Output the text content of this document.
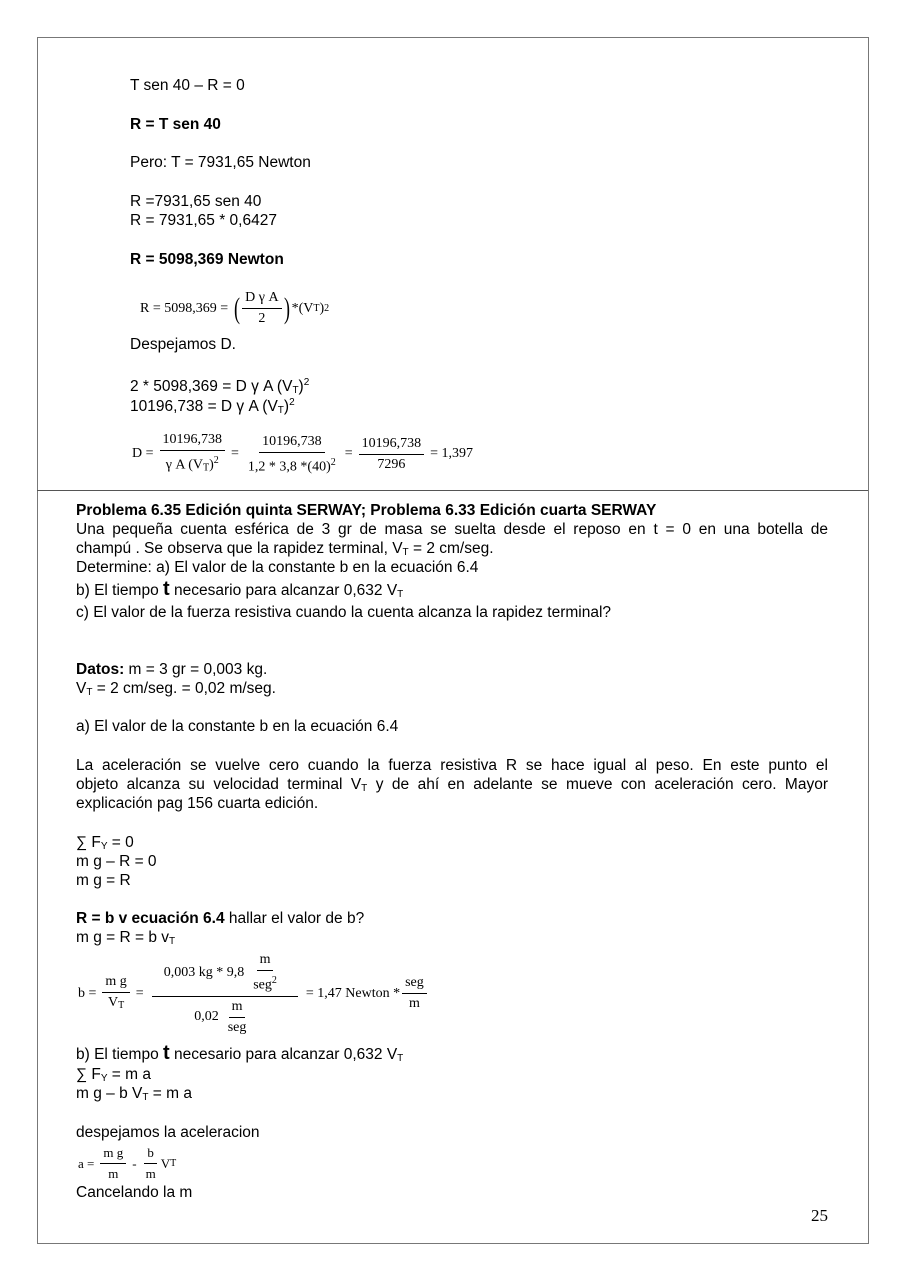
T sen 40 – R = 0
R = T sen 40
Pero: T = 7931,65 Newton
R =7931,65 sen 40
R = 7931,65 * 0,6427
R = 5098,369 Newton
R = 5098,369 = ( $\frac{\text{D γ A}}{2}$ ) *(V T ) 2
Despejamos D.
2 * 5098,369 = D γ A $(V_T)^2$
10196,738 = D γ A $(V_T)^2$
$D = \frac{10196,738}{\gamma A (V_T)^2}$ =
10196,738
1,2 * 3,8 $*(40)^2$
= $\frac{10196,738}{7296} = 1,397$
Problema 6.35 Edición quinta SERWAY; Problema 6.33 Edición cuarta SERWAY
Una pequeña cuenta esférica de 3 gr de masa se suelta desde el reposo en t = 0 en una botella de
champú . Se observa que la rapidez terminal, $V_T = 2$ cm/seg.
Determine: a) El valor de la constante b en la ecuación 6.4
b) El tiempo t necesario para alcanzar 0,632 $V_T$
c) El valor de la fuerza resistiva cuando la cuenta alcanza la rapidez terminal?
Datos: m = 3 gr = 0,003 kg.
$V_T = 2$ cm/seg. = 0,02 m/seg.
a) El valor de la constante b en la ecuación 6.4
La aceleración se vuelve cero cuando la fuerza resistiva R se hace igual al peso. En este punto el
objeto alcanza su velocidad terminal $V_T$ y de ahí en adelante se mueve con aceleración cero. Mayor
explicación pag 156 cuarta edición.
∑ $F_Y = 0$
m g – R = 0
m g = R
R = b v ecuación 6.4 hallar el valor de b?
m g = R = b $v_T$
$b = \frac{\text{m g}}{V_T}$ =
0,003 kg * 9,8
m
seg$^2$
0,02
m
seg
= 1,47 Newton *
seg
m
b) El tiempo t necesario para alcanzar 0,632 $V_T$
∑ $F_Y = m$ a
m g – b $V_T = m$ a
despejamos la aceleracion
$a = \frac{\text{m g}}{m}$ -
b
m
V T
Cancelando la m
25
